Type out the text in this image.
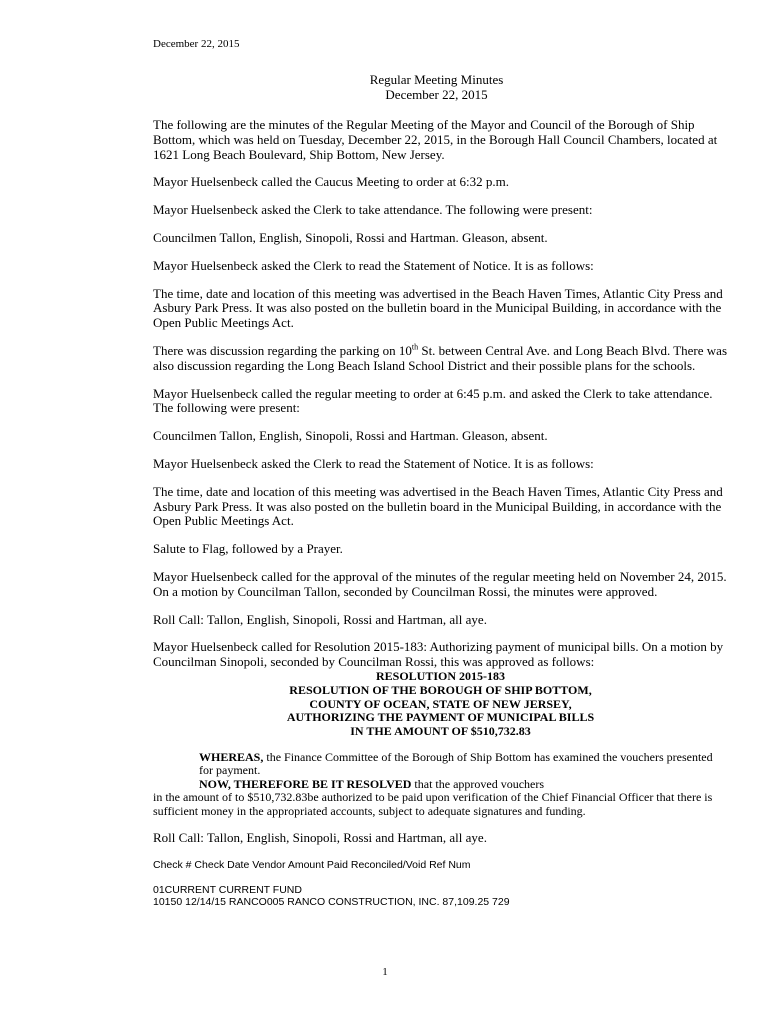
December 22, 2015
Regular Meeting Minutes
December 22, 2015

The following are the minutes of the Regular Meeting of the Mayor and Council of the Borough of Ship Bottom, which was held on Tuesday, December 22, 2015, in the Borough Hall Council Chambers, located at 1621 Long Beach Boulevard, Ship Bottom, New Jersey.

Mayor Huelsenbeck called the Caucus Meeting to order at 6:32 p.m.

Mayor Huelsenbeck asked the Clerk to take attendance. The following were present:

Councilmen Tallon, English, Sinopoli, Rossi and Hartman. Gleason, absent.

Mayor Huelsenbeck asked the Clerk to read the Statement of Notice. It is as follows:

The time, date and location of this meeting was advertised in the Beach Haven Times, Atlantic City Press and Asbury Park Press. It was also posted on the bulletin board in the Municipal Building, in accordance with the Open Public Meetings Act.

There was discussion regarding the parking on 10th St. between Central Ave. and Long Beach Blvd. There was also discussion regarding the Long Beach Island School District and their possible plans for the schools.

Mayor Huelsenbeck called the regular meeting to order at 6:45 p.m. and asked the Clerk to take attendance. The following were present:

Councilmen Tallon, English, Sinopoli, Rossi and Hartman. Gleason, absent.

Mayor Huelsenbeck asked the Clerk to read the Statement of Notice. It is as follows:

The time, date and location of this meeting was advertised in the Beach Haven Times, Atlantic City Press and Asbury Park Press. It was also posted on the bulletin board in the Municipal Building, in accordance with the Open Public Meetings Act.

Salute to Flag, followed by a Prayer.

Mayor Huelsenbeck called for the approval of the minutes of the regular meeting held on November 24, 2015. On a motion by Councilman Tallon, seconded by Councilman Rossi, the minutes were approved.

Roll Call: Tallon, English, Sinopoli, Rossi and Hartman, all aye.

Mayor Huelsenbeck called for Resolution 2015-183: Authorizing payment of municipal bills. On a motion by Councilman Sinopoli, seconded by Councilman Rossi, this was approved as follows:

RESOLUTION 2015-183
RESOLUTION OF THE BOROUGH OF SHIP BOTTOM,
COUNTY OF OCEAN, STATE OF NEW JERSEY,
AUTHORIZING THE PAYMENT OF MUNICIPAL BILLS
IN THE AMOUNT OF $510,732.83
WHEREAS, the Finance Committee of the Borough of Ship Bottom has examined the vouchers presented for payment.
NOW, THEREFORE BE IT RESOLVED that the approved vouchers
in the amount of to $510,732.83be authorized to be paid upon verification of the Chief Financial Officer that there is sufficient money in the appropriated accounts, subject to adequate signatures and funding.

Roll Call: Tallon, English, Sinopoli, Rossi and Hartman, all aye.

Check # Check Date Vendor Amount Paid Reconciled/Void Ref Num
01CURRENT CURRENT FUND
10150 12/14/15 RANCO005 RANCO CONSTRUCTION, INC. 87,109.25 729
1
